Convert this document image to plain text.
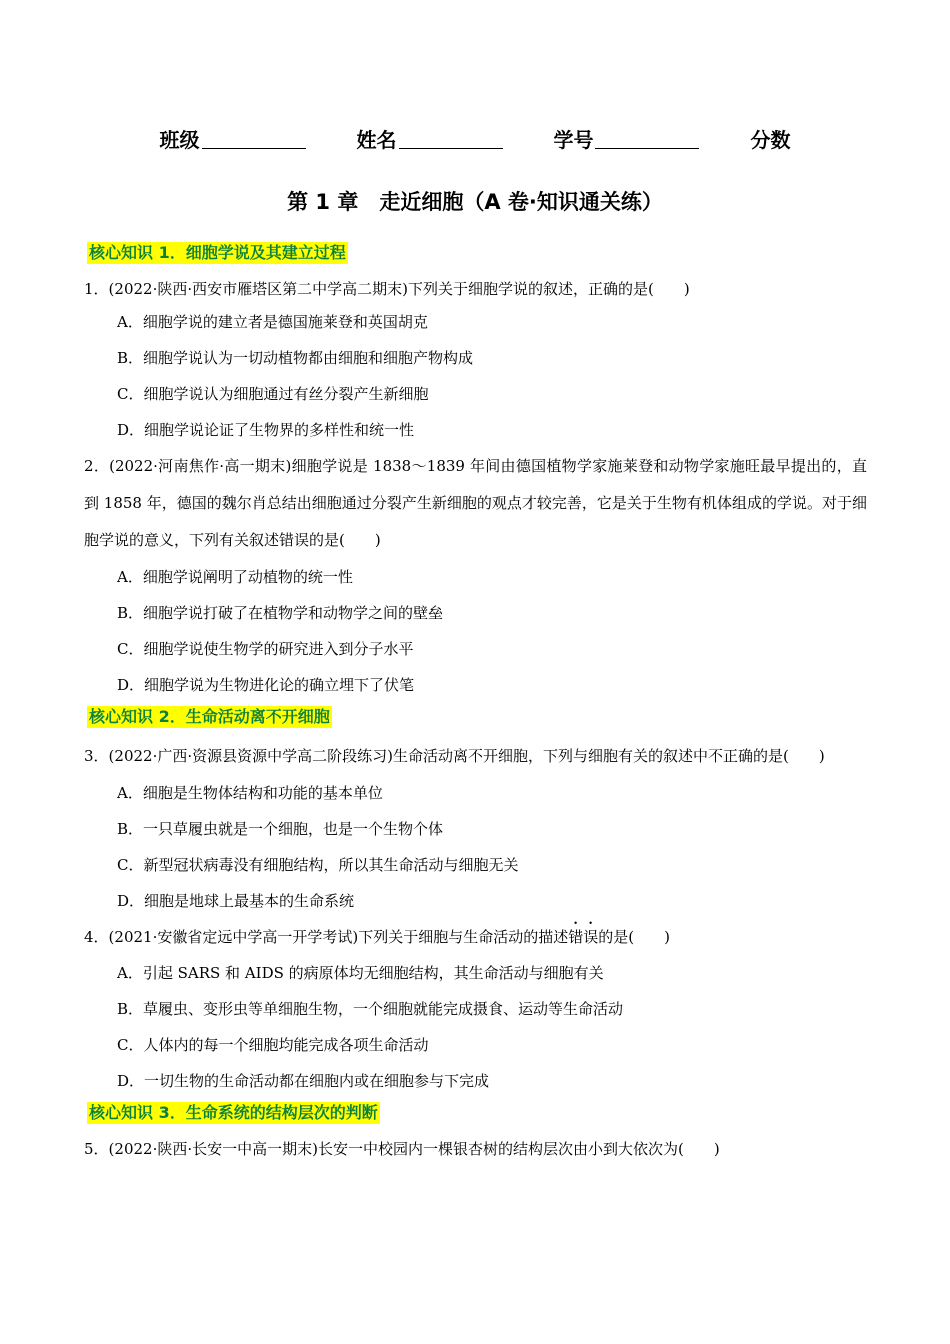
班级	姓名	学号	分数
第 1 章　走近细胞（A 卷·知识通关练）
核心知识 1．细胞学说及其建立过程
1．(2022·陕西·西安市雁塔区第二中学高二期末)下列关于细胞学说的叙述，正确的是(　　)
A．细胞学说的建立者是德国施莱登和英国胡克
B．细胞学说认为一切动植物都由细胞和细胞产物构成
C．细胞学说认为细胞通过有丝分裂产生新细胞
D．细胞学说论证了生物界的多样性和统一性
2．(2022·河南焦作·高一期末)细胞学说是 1838～1839 年间由德国植物学家施莱登和动物学家施旺最早提出的，直到 1858 年，德国的魏尔肖总结出细胞通过分裂产生新细胞的观点才较完善，它是关于生物有机体组成的学说。对于细胞学说的意义，下列有关叙述错误的是(　　)
A．细胞学说阐明了动植物的统一性
B．细胞学说打破了在植物学和动物学之间的壁垒
C．细胞学说使生物学的研究进入到分子水平
D．细胞学说为生物进化论的确立埋下了伏笔
核心知识 2．生命活动离不开细胞
3．(2022·广西·资源县资源中学高二阶段练习)生命活动离不开细胞，下列与细胞有关的叙述中不正确的是(　　)
A．细胞是生物体结构和功能的基本单位
B．一只草履虫就是一个细胞，也是一个生物个体
C．新型冠状病毒没有细胞结构，所以其生命活动与细胞无关
D．细胞是地球上最基本的生命系统
4．(2021·安徽省定远中学高一开学考试)下列关于细胞与生命活动的描述错误的是(　　)
A．引起 SARS 和 AIDS 的病原体均无细胞结构，其生命活动与细胞有关
B．草履虫、变形虫等单细胞生物，一个细胞就能完成摄食、运动等生命活动
C．人体内的每一个细胞均能完成各项生命活动
D．一切生物的生命活动都在细胞内或在细胞参与下完成
核心知识 3．生命系统的结构层次的判断
5．(2022·陕西·长安一中高一期末)长安一中校园内一棵银杏树的结构层次由小到大依次为(　　)
